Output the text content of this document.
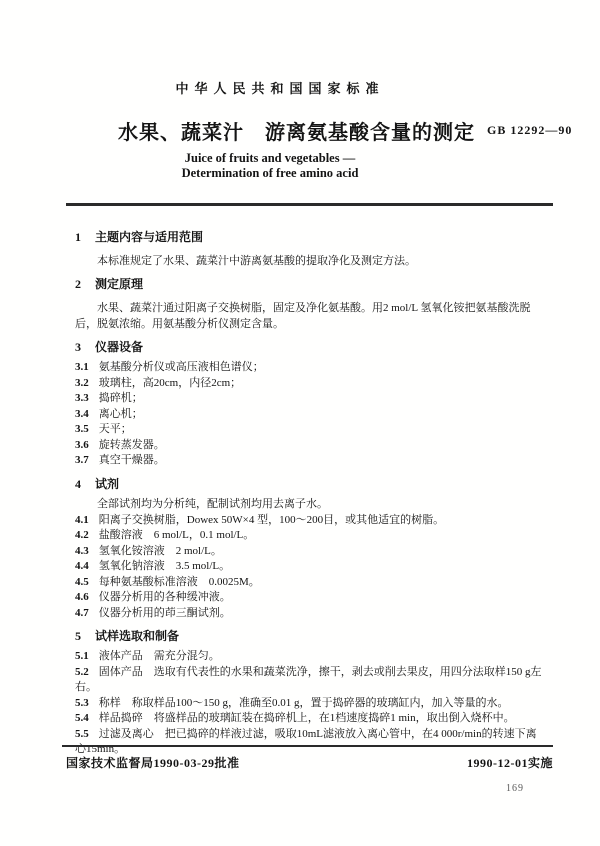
中华人民共和国国家标准
水果、蔬菜汁　游离氨基酸含量的测定 GB 12292—90
Juice of fruits and vegetables —
Determination of free amino acid
1 主题内容与适用范围

本标准规定了水果、蔬菜汁中游离氨基酸的提取净化及测定方法。

2 测定原理

水果、蔬菜汁通过阳离子交换树脂，固定及净化氨基酸。用2 mol/L 氢氧化铵把氨基酸洗脱后，脱氨浓缩。用氨基酸分析仪测定含量。

3 仪器设备
3.1 氨基酸分析仪或高压液相色谱仪；
3.2 玻璃柱，高20cm，内径2cm；
3.3 捣碎机；
3.4 离心机；
3.5 天平；
3.6 旋转蒸发器。
3.7 真空干燥器。
4 试剂

全部试剂均为分析纯，配制试剂均用去离子水。

4.1 阳离子交换树脂，Dowex 50W×4 型，100～200目，或其他适宜的树脂。
4.2 盐酸溶液　6 mol/L，0.1 mol/L。
4.3 氢氧化铵溶液　2 mol/L。
4.4 氢氧化钠溶液　3.5 mol/L。
4.5 每种氨基酸标准溶液　0.0025M。
4.6 仪器分析用的各种缓冲液。
4.7 仪器分析用的茚三酮试剂。
5 试样选取和制备
5.1 液体产品　需充分混匀。
5.2 固体产品　选取有代表性的水果和蔬菜洗净，擦干，剥去或削去果皮，用四分法取样150 g左右。
5.3 称样　称取样品100～150 g，准确至0.01 g，置于捣碎器的玻璃缸内，加入等量的水。
5.4 样品捣碎　将盛样品的玻璃缸装在捣碎机上，在1档速度捣碎1 min，取出倒入烧杯中。
5.5 过滤及离心　把已捣碎的样液过滤，吸取10mL滤液放入离心管中，在4 000r/min的转速下离心15min。
国家技术监督局1990-03-29批准	1990-12-01实施
169
